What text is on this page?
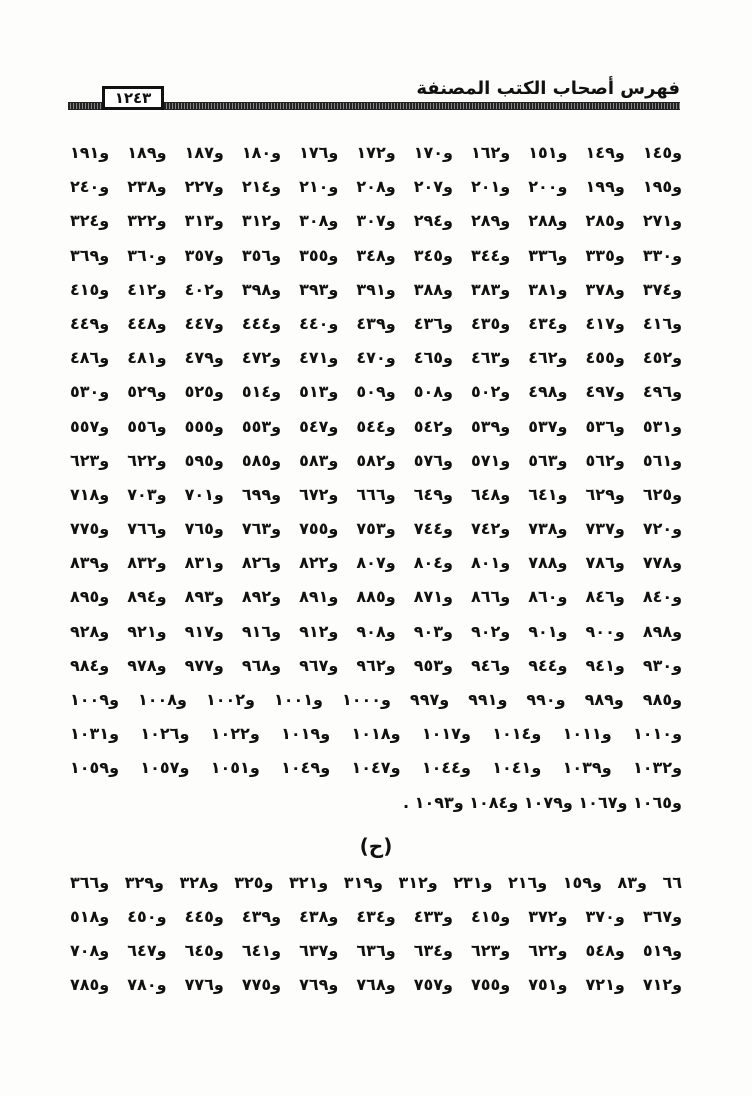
١٢٤٣	فهرس أصحاب الكتب المصنفة
و١٤٥ و١٤٩ و١٥١ و١٦٢ و١٧٠ و١٧٢ و١٧٦ و١٨٠ و١٨٧ و١٨٩ و١٩١
و١٩٥ و١٩٩ و٢٠٠ و٢٠١ و٢٠٧ و٢٠٨ و٢١٠ و٢١٤ و٢٢٧ و٢٣٨ و٢٤٠
و٢٧١ و٢٨٥ و٢٨٨ و٢٨٩ و٢٩٤ و٣٠٧ و٣٠٨ و٣١٢ و٣١٣ و٣٢٢ و٣٢٤
و٣٣٠ و٣٣٥ و٣٣٦ و٣٤٤ و٣٤٥ و٣٤٨ و٣٥٥ و٣٥٦ و٣٥٧ و٣٦٠ و٣٦٩
و٣٧٤ و٣٧٨ و٣٨١ و٣٨٣ و٣٨٨ و٣٩١ و٣٩٣ و٣٩٨ و٤٠٢ و٤١٢ و٤١٥
و٤١٦ و٤١٧ و٤٣٤ و٤٣٥ و٤٣٦ و٤٣٩ و٤٤٠ و٤٤٤ و٤٤٧ و٤٤٨ و٤٤٩
و٤٥٢ و٤٥٥ و٤٦٢ و٤٦٣ و٤٦٥ و٤٧٠ و٤٧١ و٤٧٢ و٤٧٩ و٤٨١ و٤٨٦
و٤٩٦ و٤٩٧ و٤٩٨ و٥٠٢ و٥٠٨ و٥٠٩ و٥١٣ و٥١٤ و٥٢٥ و٥٢٩ و٥٣٠
و٥٣١ و٥٣٦ و٥٣٧ و٥٣٩ و٥٤٢ و٥٤٤ و٥٤٧ و٥٥٣ و٥٥٥ و٥٥٦ و٥٥٧
و٥٦١ و٥٦٢ و٥٦٣ و٥٧١ و٥٧٦ و٥٨٢ و٥٨٣ و٥٨٥ و٥٩٥ و٦٢٢ و٦٢٣
و٦٢٥ و٦٢٩ و٦٤١ و٦٤٨ و٦٤٩ و٦٦٦ و٦٧٢ و٦٩٩ و٧٠١ و٧٠٣ و٧١٨
و٧٢٠ و٧٣٧ و٧٣٨ و٧٤٢ و٧٤٤ و٧٥٣ و٧٥٥ و٧٦٣ و٧٦٥ و٧٦٦ و٧٧٥
و٧٧٨ و٧٨٦ و٧٨٨ و٨٠١ و٨٠٤ و٨٠٧ و٨٢٢ و٨٢٦ و٨٣١ و٨٣٢ و٨٣٩
و٨٤٠ و٨٤٦ و٨٦٠ و٨٦٦ و٨٧١ و٨٨٥ و٨٩١ و٨٩٢ و٨٩٣ و٨٩٤ و٨٩٥
و٨٩٨ و٩٠٠ و٩٠١ و٩٠٢ و٩٠٣ و٩٠٨ و٩١٢ و٩١٦ و٩١٧ و٩٢١ و٩٢٨
و٩٣٠ و٩٤١ و٩٤٤ و٩٤٦ و٩٥٣ و٩٦٢ و٩٦٧ و٩٦٨ و٩٧٧ و٩٧٨ و٩٨٤
و٩٨٥ و٩٨٩ و٩٩٠ و٩٩١ و٩٩٧ و١٠٠٠ و١٠٠١ و١٠٠٢ و١٠٠٨ و١٠٠٩
و١٠١٠ و١٠١١ و١٠١٤ و١٠١٧ و١٠١٨ و١٠١٩ و١٠٢٢ و١٠٢٦ و١٠٣١
و١٠٣٢ و١٠٣٩ و١٠٤١ و١٠٤٤ و١٠٤٧ و١٠٤٩ و١٠٥١ و١٠٥٧ و١٠٥٩
و١٠٦٥ و١٠٦٧ و١٠٧٩ و١٠٨٤ و١٠٩٣ .
(ح)
٦٦ و٨٣ و١٥٩ و٢١٦ و٢٣١ و٣١٢ و٣١٩ و٣٢١ و٣٢٥ و٣٢٨ و٣٢٩ و٣٦٦
و٣٦٧ و٣٧٠ و٣٧٢ و٤١٥ و٤٣٣ و٤٣٤ و٤٣٨ و٤٣٩ و٤٤٥ و٤٥٠ و٥١٨
و٥١٩ و٥٤٨ و٦٢٢ و٦٢٣ و٦٣٤ و٦٣٦ و٦٣٧ و٦٤١ و٦٤٥ و٦٤٧ و٧٠٨
و٧١٢ و٧٢١ و٧٥١ و٧٥٥ و٧٥٧ و٧٦٨ و٧٦٩ و٧٧٥ و٧٧٦ و٧٨٠ و٧٨٥
